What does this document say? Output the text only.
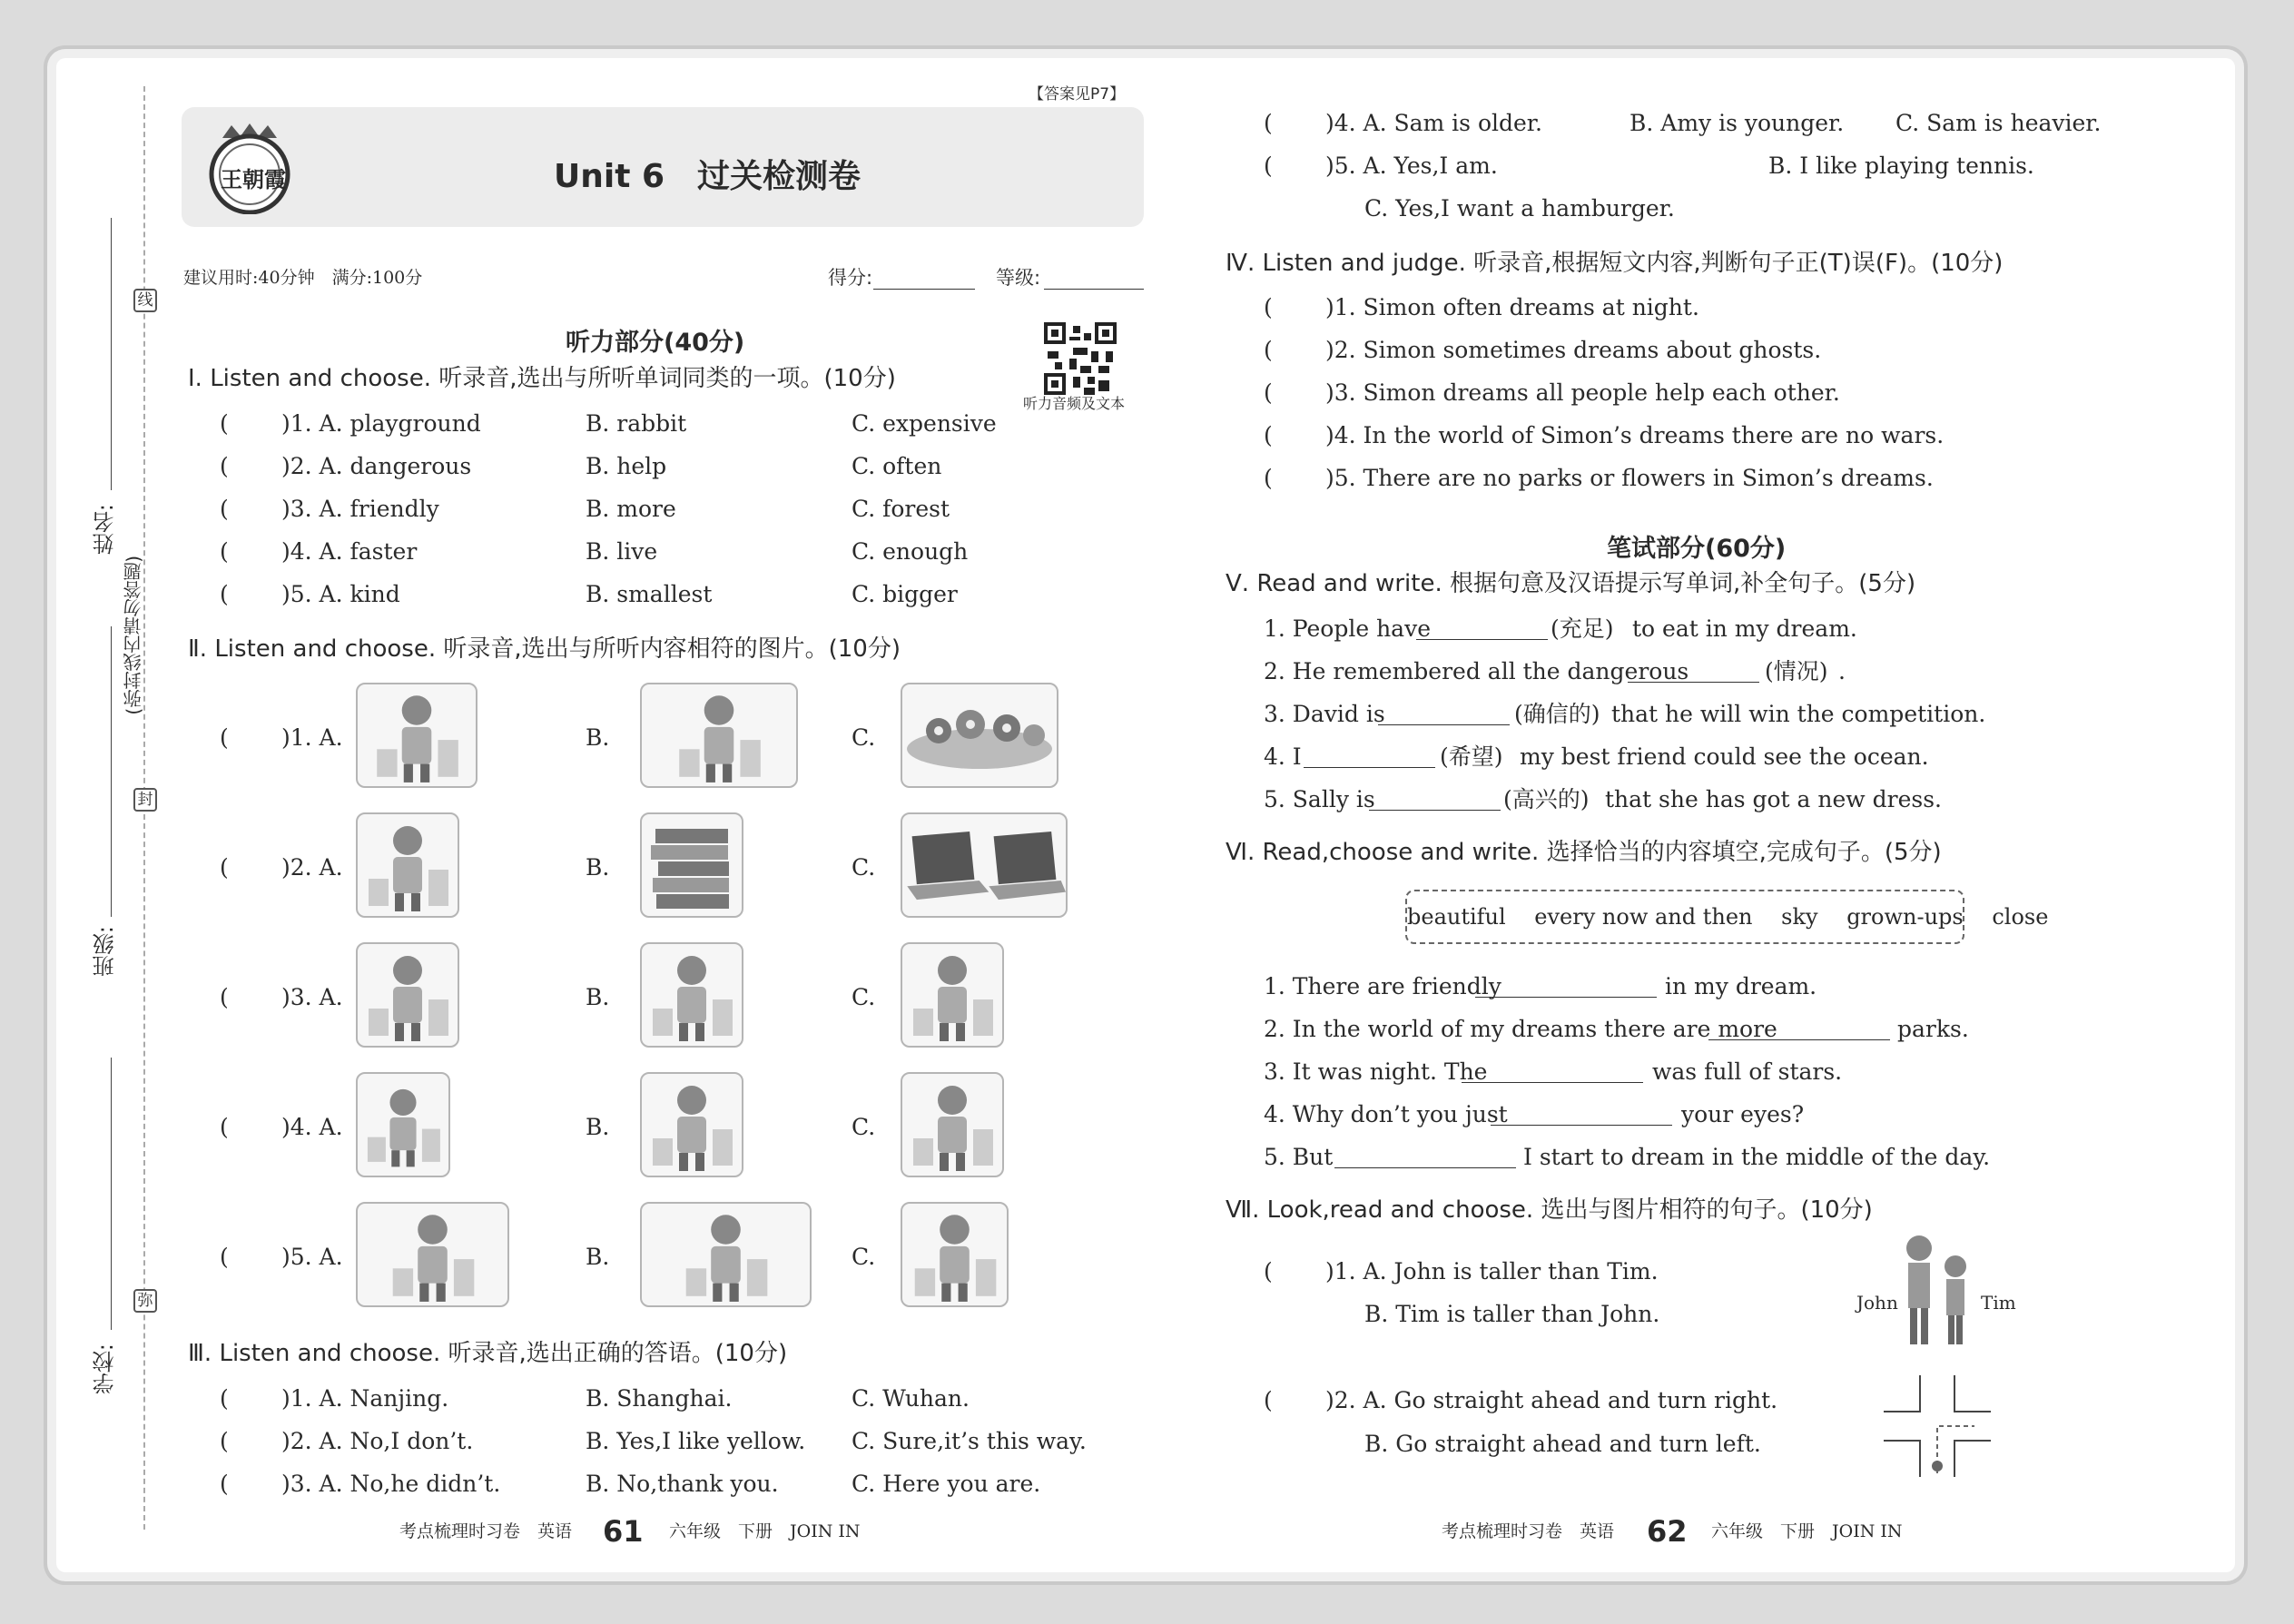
线
封
弥
(弥封线内请勿答题)
姓名:
班级:
学校:
【答案见P7】
王朝霞	Unit 6　过关检测卷
建议用时:40分钟　满分:100分	得分:	等级:
听力音频及文本
听力部分(40分)
Ⅰ. Listen and choose. 听录音,选出与所听单词同类的一项。(10分)
( )1. A. playground	B. rabbit	C. expensive
( )2. A. dangerous	B. help	C. often
( )3. A. friendly	B. more	C. forest
( )4. A. faster	B. live	C. enough
( )5. A. kind	B. smallest	C. bigger
Ⅱ. Listen and choose. 听录音,选出与所听内容相符的图片。(10分)
( )1. A.	B.	C.
( )2. A.	B.	C.
( )3. A.	B.	C.
( )4. A.	B.	C.
( )5. A.	B.	C.
Ⅲ. Listen and choose. 听录音,选出正确的答语。(10分)
( )1. A. Nanjing.	B. Shanghai.	C. Wuhan.
( )2. A. No,I don’t.	B. Yes,I like yellow. C. Sure,it’s this way.
( )3. A. No,he didn’t.	B. No,thank you.	C. Here you are.
考点梳理时习卷　英语 61 六年级　下册　JOIN IN
( )4. A. Sam is older.	B. Amy is younger. C. Sam is heavier.
( )5. A. Yes,I am.	B. I like playing tennis.
C. Yes,I want a hamburger.
Ⅳ. Listen and judge. 听录音,根据短文内容,判断句子正(T)误(F)。(10分)
( )1. Simon often dreams at night.
( )2. Simon sometimes dreams about ghosts.
( )3. Simon dreams all people help each other.
( )4. In the world of Simon’s dreams there are no wars.
( )5. There are no parks or flowers in Simon’s dreams.
笔试部分(60分)
Ⅴ. Read and write. 根据句意及汉语提示写单词,补全句子。(5分)
1. People have	(充足) to eat in my dream.
2. He remembered all the dangerous	(情况) .
3. David is	(确信的) that he will win the competition.
4. I	(希望) my best friend could see the ocean.
5. Sally is	(高兴的) that she has got a new dress.
Ⅵ. Read,choose and write. 选择恰当的内容填空,完成句子。(5分)
beautiful　 every now and then　 sky　 grown-ups　 close
1. There are friendly	in my dream.
2. In the world of my dreams there are more	parks.
3. It was night. The	was full of stars.
4. Why don’t you just	your eyes?
5. But	I start to dream in the middle of the day.
Ⅶ. Look,read and choose. 选出与图片相符的句子。(10分)
( )1. A. John is taller than Tim.
B. Tim is taller than John.	John	Tim
( )2. A. Go straight ahead and turn right.
B. Go straight ahead and turn left.
考点梳理时习卷　英语 62 六年级　下册　JOIN IN
